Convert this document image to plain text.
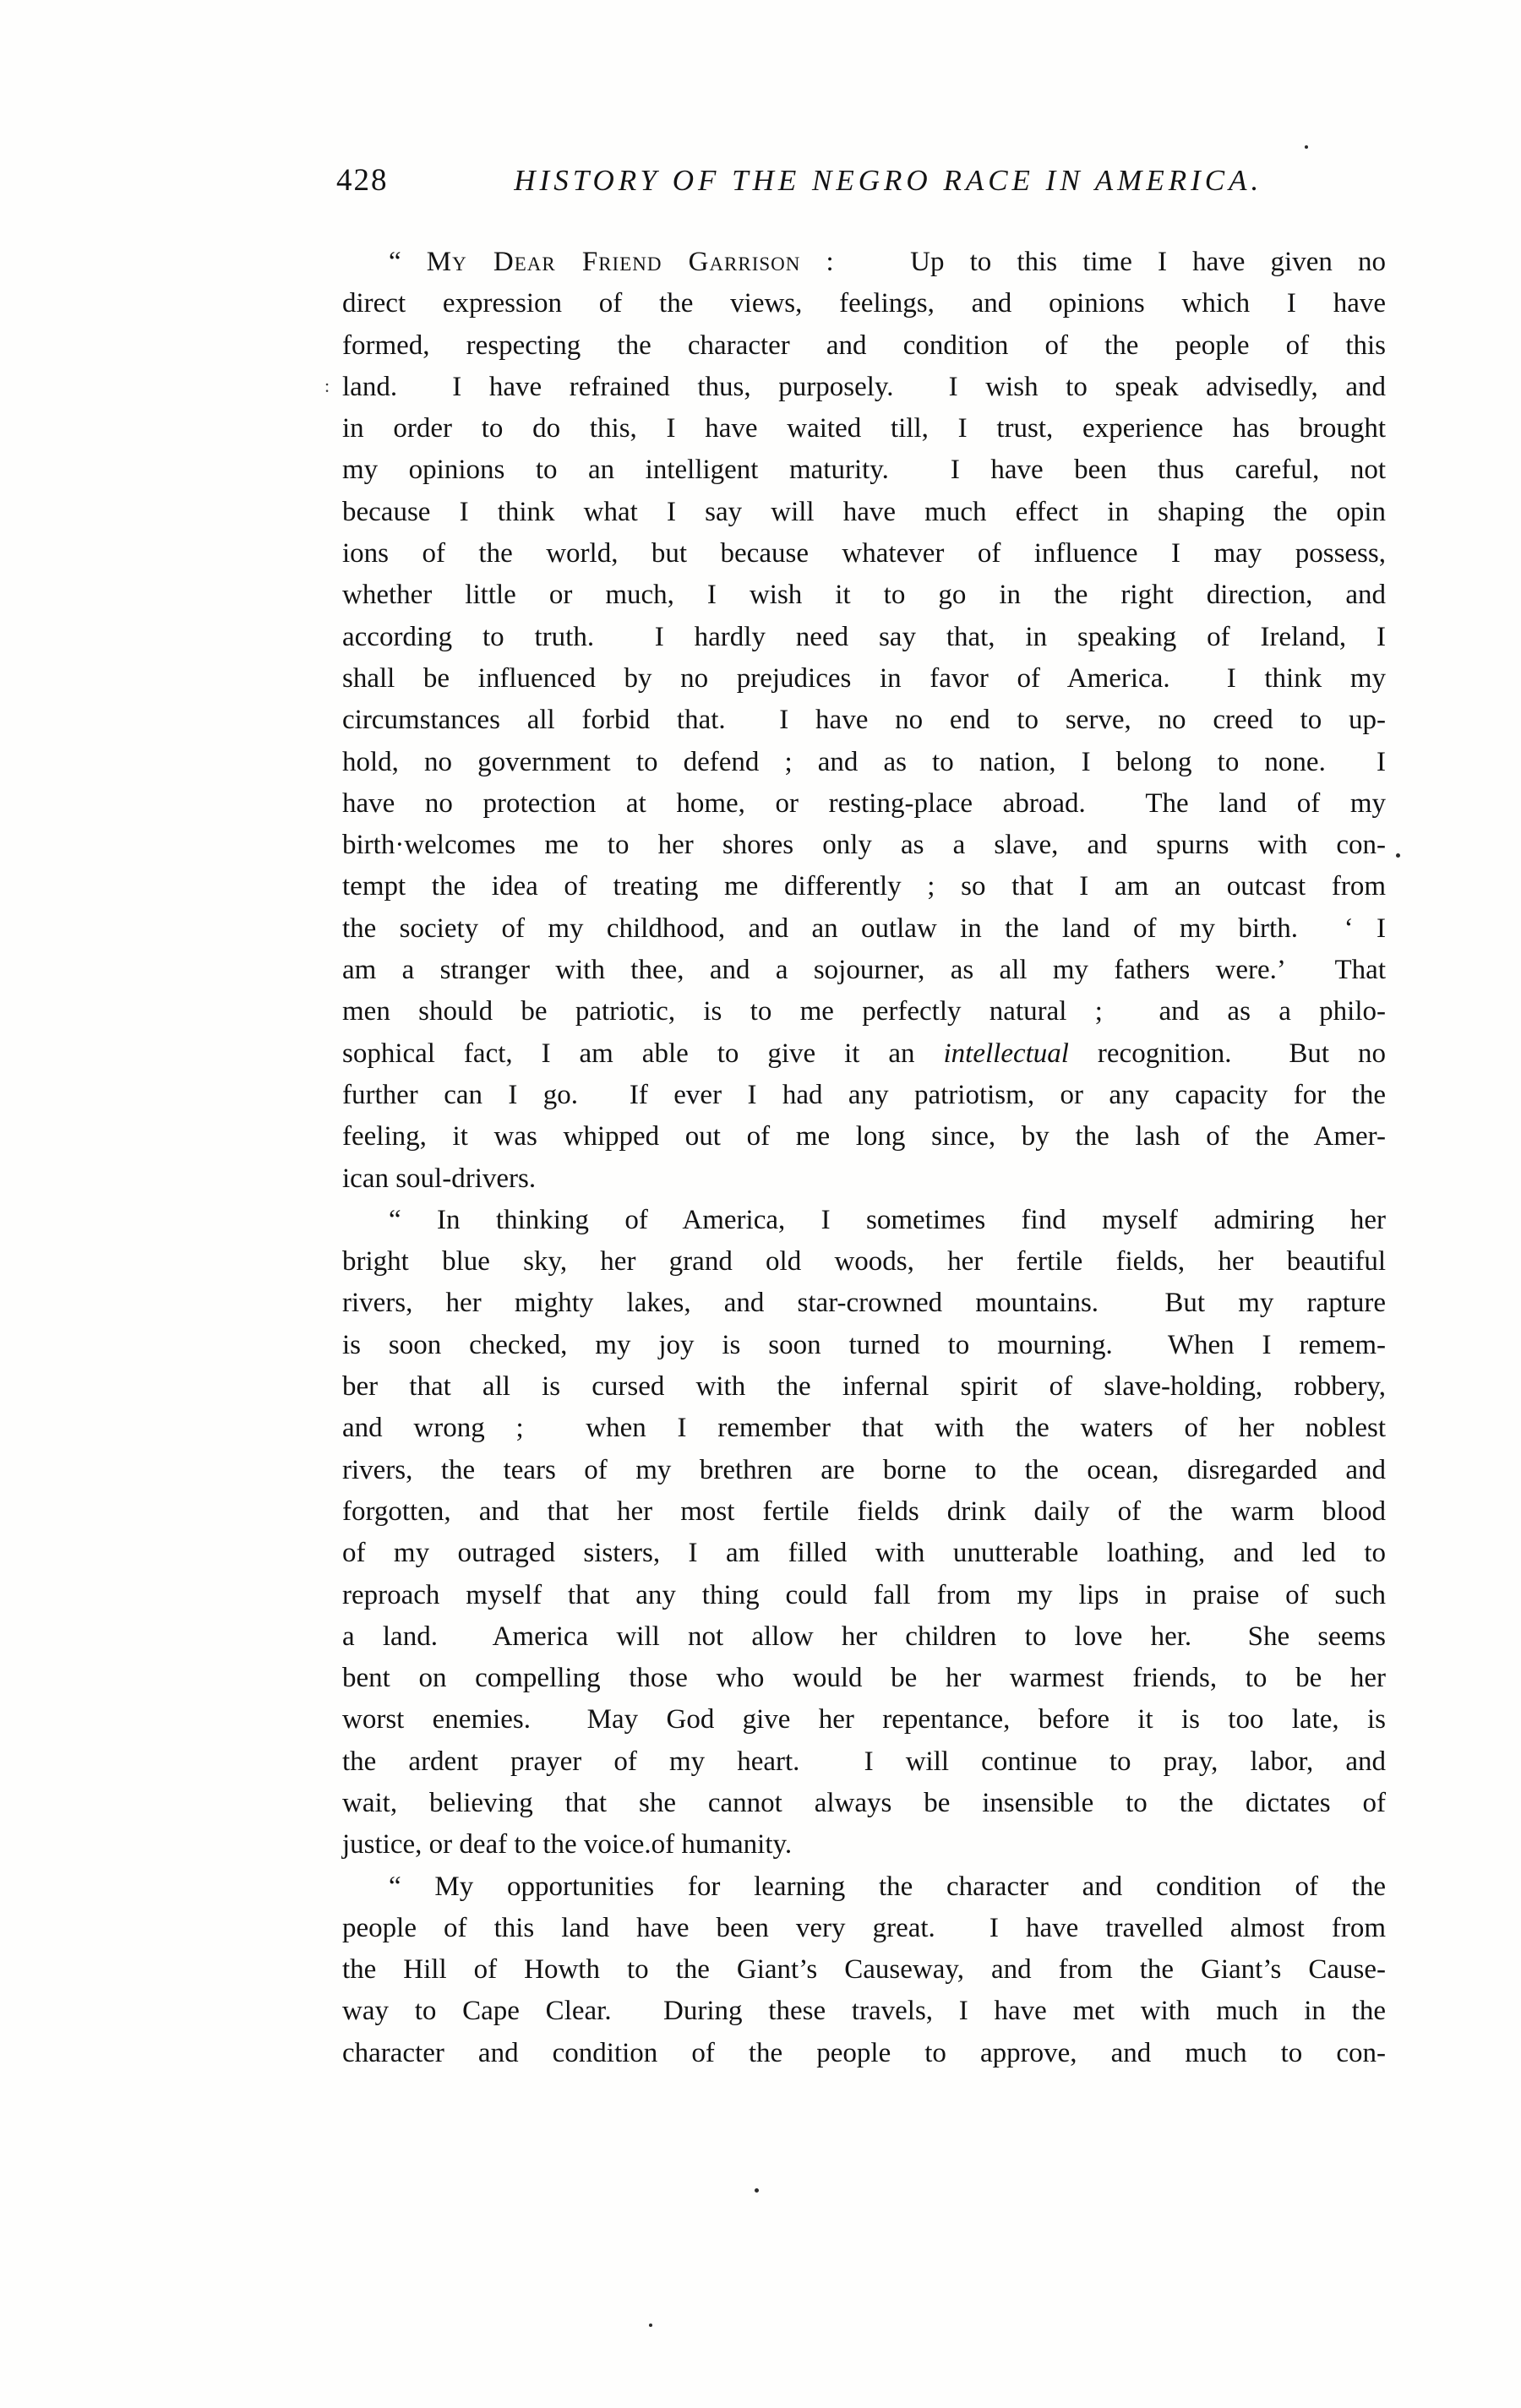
428	HISTORY OF THE NEGRO RACE IN AMERICA.
“ My Dear Friend Garrison :   Up to this time I have given no
direct expression of the views, feelings, and opinions which I have
formed, respecting the character and condition of the people of this
land.  I have refrained thus, purposely.  I wish to speak advisedly, and
in order to do this, I have waited till, I trust, experience has brought
my opinions to an intelligent maturity.  I have been thus careful, not
because I think what I say will have much effect in shaping the opin
ions of the world, but because whatever of influence I may possess,
whether little or much, I wish it to go in the right direction, and
according to truth.  I hardly need say that, in speaking of Ireland, I
shall be influenced by no prejudices in favor of America.  I think my
circumstances all forbid that.  I have no end to serve, no creed to up-
hold, no government to defend ; and as to nation, I belong to none.  I
have no protection at home, or resting-place abroad.  The land of my
birth·welcomes me to her shores only as a slave, and spurns with con-
tempt the idea of treating me differently ; so that I am an outcast from
the society of my childhood, and an outlaw in the land of my birth.  ‘ I
am a stranger with thee, and a sojourner, as all my fathers were.’  That
men should be patriotic, is to me perfectly natural ;  and as a philo-
sophical fact, I am able to give it an intellectual recognition.  But no
further can I go.  If ever I had any patriotism, or any capacity for the
feeling, it was whipped out of me long since, by the lash of the Amer-
ican soul-drivers.
“ In thinking of America, I sometimes find myself admiring her
bright blue sky, her grand old woods, her fertile fields, her beautiful
rivers, her mighty lakes, and star-crowned mountains.  But my rapture
is soon checked, my joy is soon turned to mourning.  When I remem-
ber that all is cursed with the infernal spirit of slave-holding, robbery,
and wrong ;  when I remember that with the waters of her noblest
rivers, the tears of my brethren are borne to the ocean, disregarded and
forgotten, and that her most fertile fields drink daily of the warm blood
of my outraged sisters, I am filled with unutterable loathing, and led to
reproach myself that any thing could fall from my lips in praise of such
a land.  America will not allow her children to love her.  She seems
bent on compelling those who would be her warmest friends, to be her
worst enemies.  May God give her repentance, before it is too late, is
the ardent prayer of my heart.  I will continue to pray, labor, and
wait, believing that she cannot always be insensible to the dictates of
justice, or deaf to the voice.of humanity.
“ My opportunities for learning the character and condition of the
people of this land have been very great.  I have travelled almost from
the Hill of Howth to the Giant’s Causeway, and from the Giant’s Cause-
way to Cape Clear.  During these travels, I have met with much in the
character and condition of the people to approve, and much to con-
:
